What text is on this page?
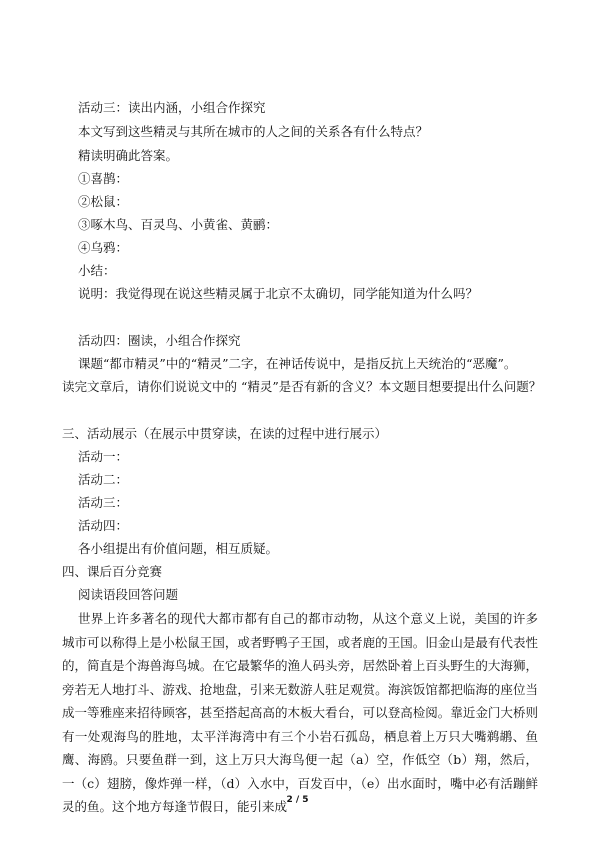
活动三：读出内涵，小组合作探究
本文写到这些精灵与其所在城市的人之间的关系各有什么特点？
精读明确此答案。
①喜鹊：
②松鼠：
③啄木鸟、百灵鸟、小黄雀、黄鹂：
④乌鸦：
小结：
说明：我觉得现在说这些精灵属于北京不太确切，同学能知道为什么吗？
活动四：圈读，小组合作探究
课题“都市精灵”中的“精灵”二字，在神话传说中，是指反抗上天统治的“恶魔”。
读完文章后，请你们说说文中的 “精灵”是否有新的含义？本文题目想要提出什么问题？
三、活动展示（在展示中贯穿读，在读的过程中进行展示）
活动一：
活动二：
活动三：
活动四：
各小组提出有价值问题，相互质疑。
四、课后百分竞赛
阅读语段回答问题
世界上许多著名的现代大都市都有自己的都市动物，从这个意义上说，美国的许多城市可以称得上是小松鼠王国，或者野鸭子王国，或者鹿的王国。旧金山是最有代表性的，简直是个海兽海鸟城。在它最繁华的渔人码头旁，居然卧着上百头野生的大海狮，旁若无人地打斗、游戏、抢地盘，引来无数游人驻足观赏。海滨饭馆都把临海的座位当成一等雅座来招待顾客，甚至搭起高高的木板大看台，可以登高检阅。靠近金门大桥则有一处观海鸟的胜地，太平洋海湾中有三个小岩石孤岛，栖息着上万只大嘴鹈鹕、鱼鹰、海鸥。只要鱼群一到，这上万只大海鸟便一起（a）空，作低空（b）翔，然后，一（c）翅膀，像炸弹一样，（d）入水中，百发百中，（e）出水面时，嘴中必有活蹦鲜灵的鱼。这个地方每逢节假日，能引来成 2 / 5
